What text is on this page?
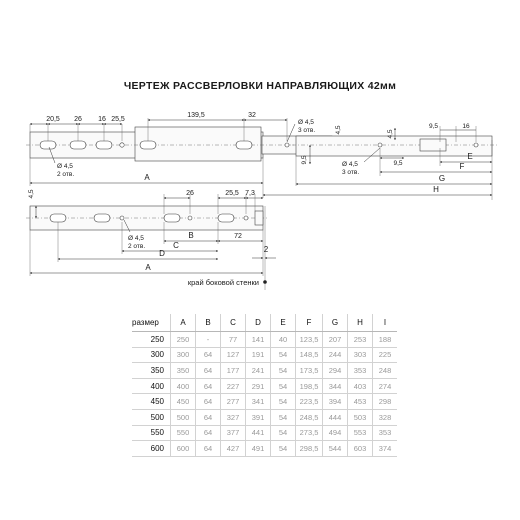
ЧЕРТЕЖ РАССВЕРЛОВКИ НАПРАВЛЯЮЩИХ 42мм
20,5 26 16 25,5
139,5	32
Ø 4,5
2 отв.
Ø 4,5
3 отв.	4,5
A
9,5	16
4,5
9,5	Ø 4,5
3 отв.
9,5
E
F
G
H
4,5	26	25,5 7,3
Ø 4,5
2 отв.
B	72
C
D
A
2
край боковой стенки
размер	A	B	C	D	E	F	G	H	I
250	250	-	77	141	40	123,5	207	253	188
300	300	64	127	191	54	148,5	244	303	225
350	350	64	177	241	54	173,5	294	353	248
400	400	64	227	291	54	198,5	344	403	274
450	450	64	277	341	54	223,5	394	453	298
500	500	64	327	391	54	248,5	444	503	328
550	550	64	377	441	54	273,5	494	553	353
600	600	64	427	491	54	298,5	544	603	374
